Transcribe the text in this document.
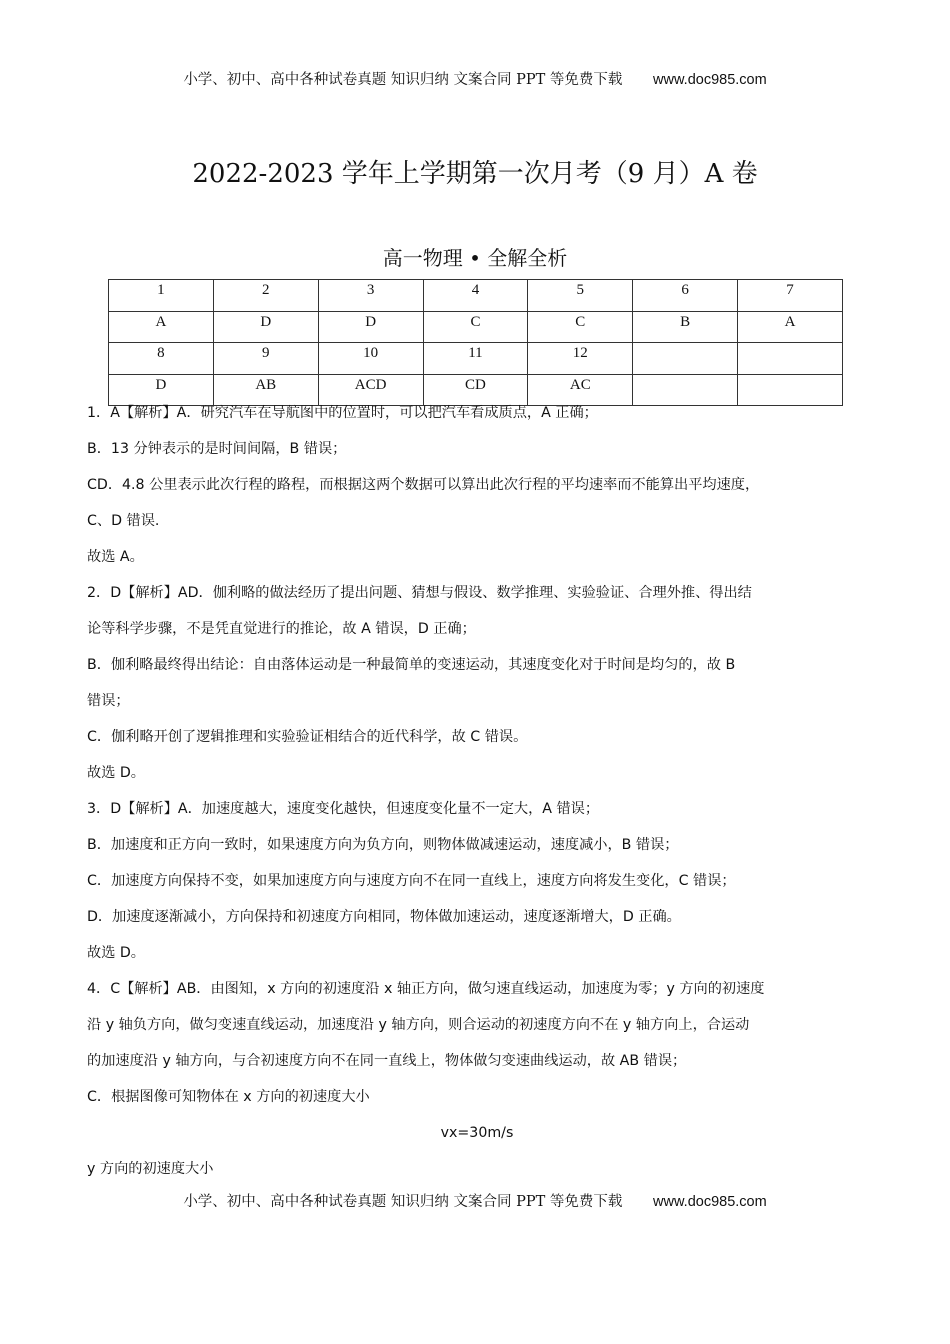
小学、初中、高中各种试卷真题 知识归纳 文案合同 PPT 等免费下载 www.doc985.com
2022-2023 学年上学期第一次月考（9 月）A 卷
高一物理 • 全解全析
1	2	3	4	5	6	7
A	D	D	C	C	B	A
8	9	10	11	12		
D	AB	ACD	CD	AC		
1．A【解析】A．研究汽车在导航图中的位置时，可以把汽车看成质点，A 正确；
B．13 分钟表示的是时间间隔，B 错误；
CD．4.8 公里表示此次行程的路程，而根据这两个数据可以算出此次行程的平均速率而不能算出平均速度，
C、D 错误.
故选 A。
2．D【解析】AD．伽利略的做法经历了提出问题、猜想与假设、数学推理、实验验证、合理外推、得出结
论等科学步骤，不是凭直觉进行的推论，故 A 错误，D 正确；
B．伽利略最终得出结论：自由落体运动是一种最简单的变速运动，其速度变化对于时间是均匀的，故 B
错误；
C．伽利略开创了逻辑推理和实验验证相结合的近代科学，故 C 错误。
故选 D。
3．D【解析】A．加速度越大，速度变化越快，但速度变化量不一定大，A 错误；
B．加速度和正方向一致时，如果速度方向为负方向，则物体做减速运动，速度减小，B 错误；
C．加速度方向保持不变，如果加速度方向与速度方向不在同一直线上，速度方向将发生变化，C 错误；
D．加速度逐渐减小，方向保持和初速度方向相同，物体做加速运动，速度逐渐增大，D 正确。
故选 D。
4．C【解析】AB．由图知，x 方向的初速度沿 x 轴正方向，做匀速直线运动，加速度为零；y 方向的初速度
沿 y 轴负方向，做匀变速直线运动，加速度沿 y 轴方向，则合运动的初速度方向不在 y 轴方向上，合运动
的加速度沿 y 轴方向，与合初速度方向不在同一直线上，物体做匀变速曲线运动，故 AB 错误；
C．根据图像可知物体在 x 方向的初速度大小
vx=30m/s
y 方向的初速度大小
小学、初中、高中各种试卷真题 知识归纳 文案合同 PPT 等免费下载 www.doc985.com
